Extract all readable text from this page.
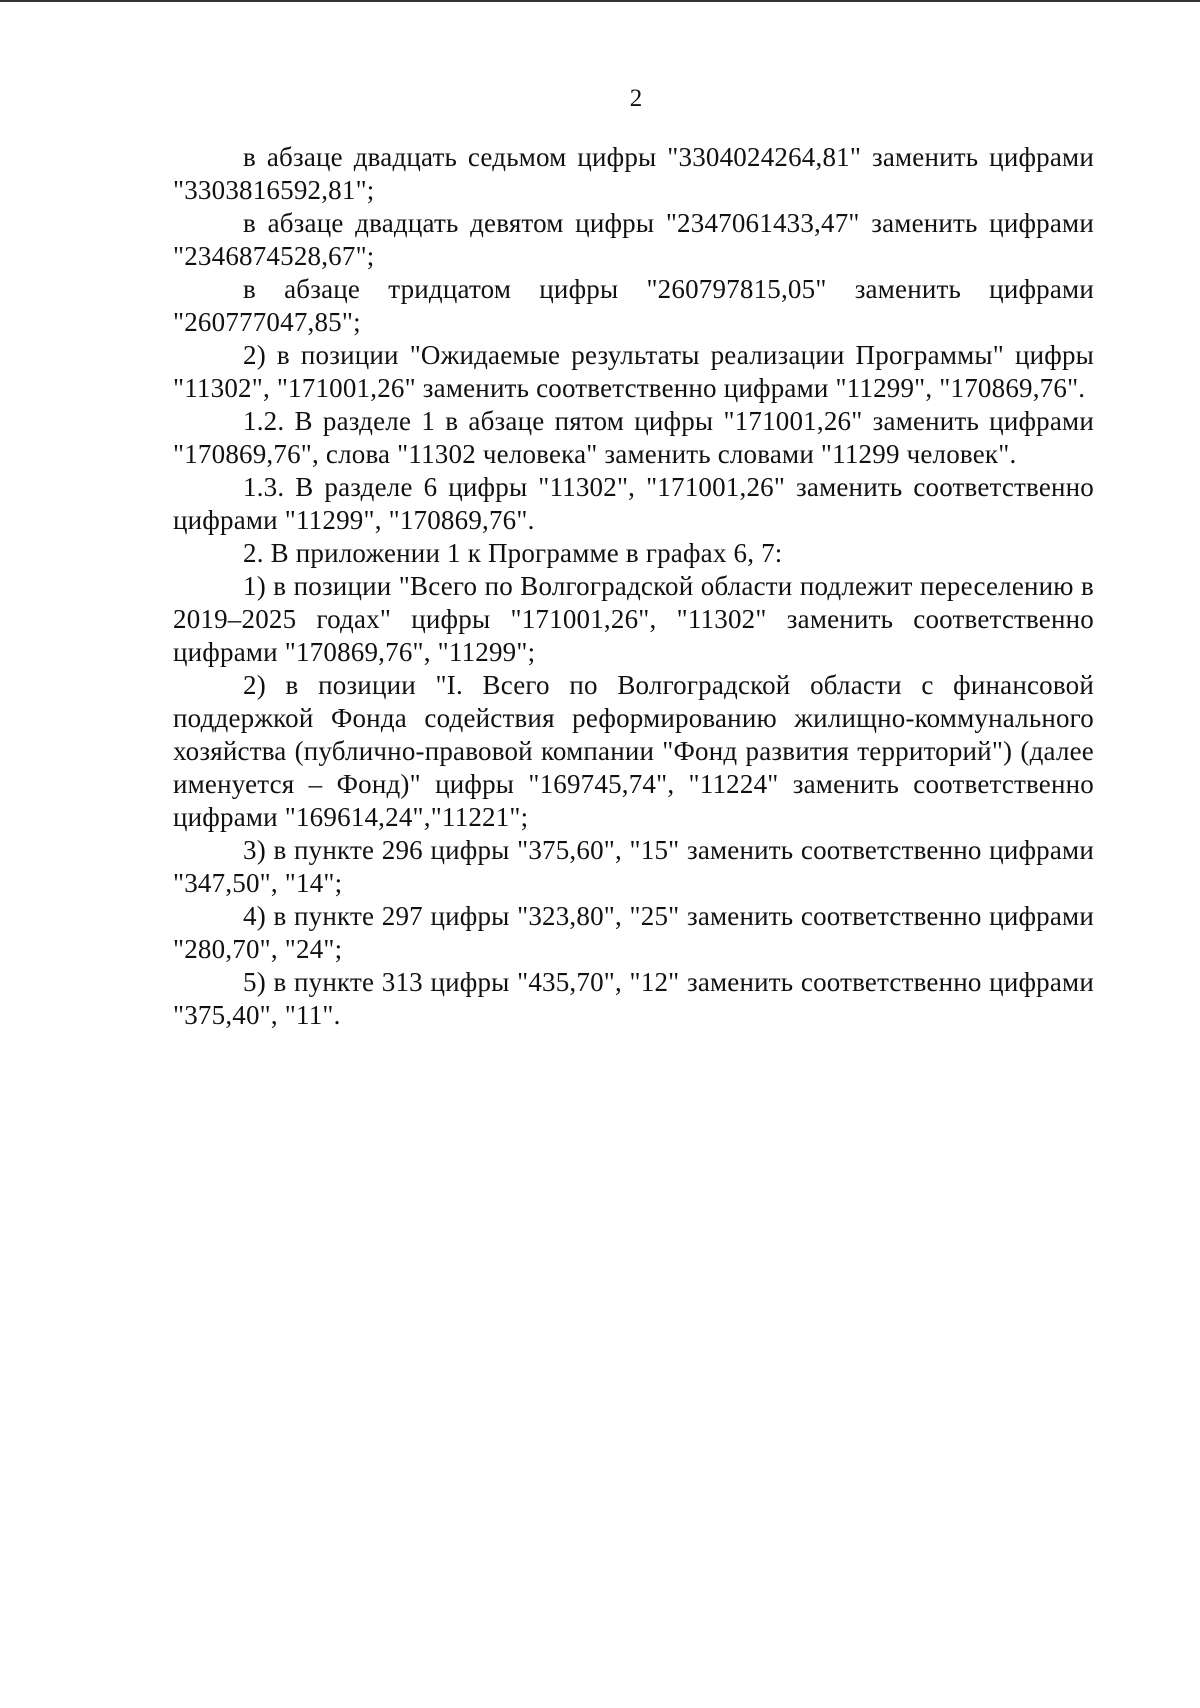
2

в абзаце двадцать седьмом цифры "3304024264,81" заменить цифрами "3303816592,81";

в абзаце двадцать девятом цифры "2347061433,47" заменить цифрами "2346874528,67";

в абзаце тридцатом цифры "260797815,05" заменить цифрами "260777047,85";

2) в позиции "Ожидаемые результаты реализации Программы" цифры "11302", "171001,26" заменить соответственно цифрами "11299", "170869,76".

1.2. В разделе 1 в абзаце пятом цифры "171001,26" заменить цифрами "170869,76", слова "11302 человека" заменить словами "11299 человек".

1.3. В разделе 6 цифры "11302", "171001,26" заменить соответственно цифрами "11299", "170869,76".

2. В приложении 1 к Программе в графах 6, 7:

1) в позиции "Всего по Волгоградской области подлежит переселению в 2019–2025 годах" цифры "171001,26", "11302" заменить соответственно цифрами "170869,76", "11299";

2) в позиции "I. Всего по Волгоградской области с финансовой поддержкой Фонда содействия реформированию жилищно-коммунального хозяйства (публично-правовой компании "Фонд развития территорий") (далее именуется – Фонд)" цифры "169745,74", "11224" заменить соответственно цифрами "169614,24","11221";

3) в пункте 296 цифры "375,60", "15" заменить соответственно цифрами "347,50", "14";

4) в пункте 297 цифры "323,80", "25" заменить соответственно цифрами "280,70", "24";

5) в пункте 313 цифры "435,70", "12" заменить соответственно цифрами "375,40", "11".
